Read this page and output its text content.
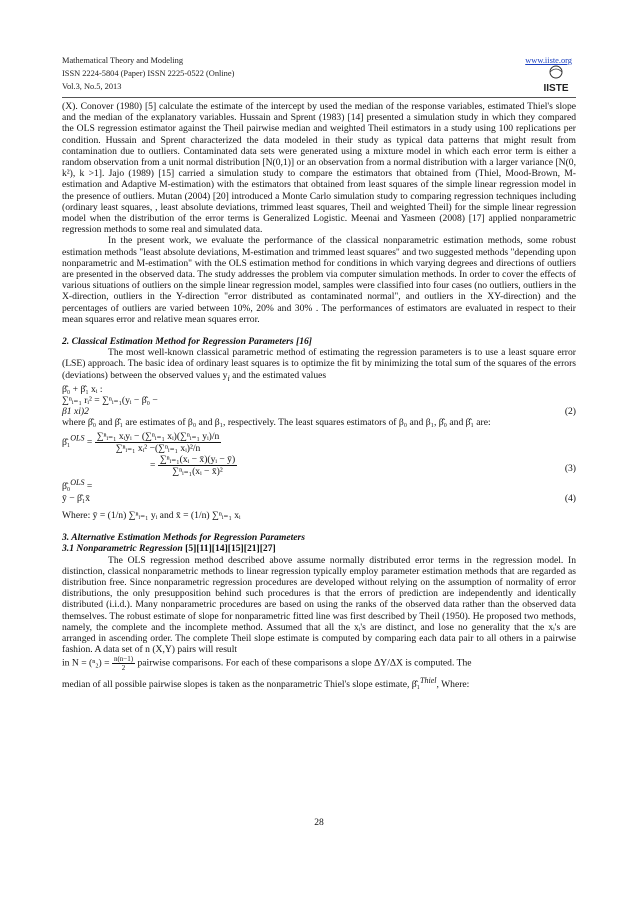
Mathematical Theory and Modeling
ISSN 2224-5804 (Paper) ISSN 2225-0522 (Online)
Vol.3, No.5, 2013
www.iiste.org
IISTE

(X). Conover (1980) [5] calculate the estimate of the intercept by used the median of the response variables, estimated Thiel's slope and the median of the explanatory variables. Hussain and Sprent (1983) [14] presented a simulation study in which they compared the OLS regression estimator against the Theil pairwise median and weighted Theil estimators in a study using 100 replications per condition. Hussain and Sprent characterized the data modeled in their study as typical data patterns that might result from contamination due to outliers. Contaminated data sets were generated using a mixture model in which each error term is either a random observation from a unit normal distribution [N(0,1)] or an observation from a normal distribution with a larger variance [N(0, k²), k >1]. Jajo (1989) [15] carried a simulation study to compare the estimators that obtained from (Thiel, Mood-Brown, M-estimation and Adaptive M-estimation) with the estimators that obtained from least squares of the simple linear regression model in the presence of outliers. Mutan (2004) [20] introduced a Monte Carlo simulation study to comparing regression techniques including (ordinary least squares, , least absolute deviations, trimmed least squares, Theil and weighted Theil) for the simple linear regression model when the distribution of the error terms is Generalized Logistic. Meenai and Yasmeen (2008) [17] applied nonparametric regression methods to some real and simulated data.

In the present work, we evaluate the performance of the classical nonparametric estimation methods, some robust estimation methods "least absolute deviations, M-estimation and trimmed least squares" and two suggested methods "depending upon nonparametric and M-estimation" with the OLS estimation method for conditions in which varying degrees and directions of outliers are presented in the observed data. The study addresses the problem via computer simulation methods. In order to cover the effects of various situations of outliers on the simple linear regression model, samples were classified into four cases (no outliers, outliers in the X-direction, outliers in the Y-direction "error distributed as contaminated normal", and outliers in the XY-direction) and the percentages of outliers are varied between 10%, 20% and 30% . The performances of estimators are evaluated in respect to their mean squares error and relative mean squares error.

2. Classical Estimation Method for Regression Parameters [16]

The most well-known classical parametric method of estimating the regression parameters is to use a least square error (LSE) approach. The basic idea of ordinary least squares is to optimize the fit by minimizing the total sum of the squares of the errors (deviations) between the observed values $y_i$ and the estimated values

β̂₀ + β̂₁ xᵢ :

∑ⁿᵢ₌₁ rᵢ² = ∑ⁿᵢ₌₁(yᵢ − β̂₀ −

β1 xi)2	(2)

where β̂₀ and β̂₁ are estimates of β₀ and β₁, respectively. The least squares estimators of β₀ and β₁, β̂₀ and β̂₁ are:

β̂₁$^{OLS}$ = $\frac{\text{∑ⁿᵢ₌₁ xᵢyᵢ − (∑ⁿᵢ₌₁ xᵢ)(∑ⁿᵢ₌₁ yᵢ)/n}}{\text{∑ⁿᵢ₌₁ xᵢ² −(∑ⁿᵢ₌₁ xᵢ)²/n}}$

= $\frac{\text{∑ⁿᵢ₌₁(xᵢ − x̄)(yᵢ − ȳ)}}{\text{∑ⁿᵢ₌₁(xᵢ − x̄)²}}$	(3)

β̂₀$^{OLS}$ =

ȳ − β̂₁x̄	(4)

Where: ȳ = (1/n) ∑ⁿᵢ₌₁ yᵢ and x̄ = (1/n) ∑ⁿᵢ₌₁ xᵢ

3. Alternative Estimation Methods for Regression Parameters

3.1 Nonparametric Regression [5][11][14][15][21][27]

The OLS regression method described above assume normally distributed error terms in the regression model. In distinction, classical nonparametric methods to linear regression typically employ parameter estimation methods that are regarded as distribution free. Since nonparametric regression procedures are developed without relying on the assumption of normality of error distributions, the only presupposition behind such procedures is that the errors of prediction are independently and identically distributed (i.i.d.). Many nonparametric procedures are based on using the ranks of the observed data rather than the observed data themselves. The robust estimate of slope for nonparametric fitted line was first described by Theil (1950). He proposed two methods, namely, the complete and the incomplete method. Assumed that all the xᵢ's are distinct, and lose no generality that the xᵢ's are arranged in ascending order. The complete Theil slope estimate is computed by comparing each data pair to all others in a pairwise fashion. A data set of n (X,Y) pairs will result

in $N = (^n_2) = \frac{n(n-1)}{2}$ pairwise comparisons. For each of these comparisons a slope ΔY/ΔX is computed. The

median of all possible pairwise slopes is taken as the nonparametric Thiel's slope estimate, β̂₁$^{Thiel}$, Where:

28
